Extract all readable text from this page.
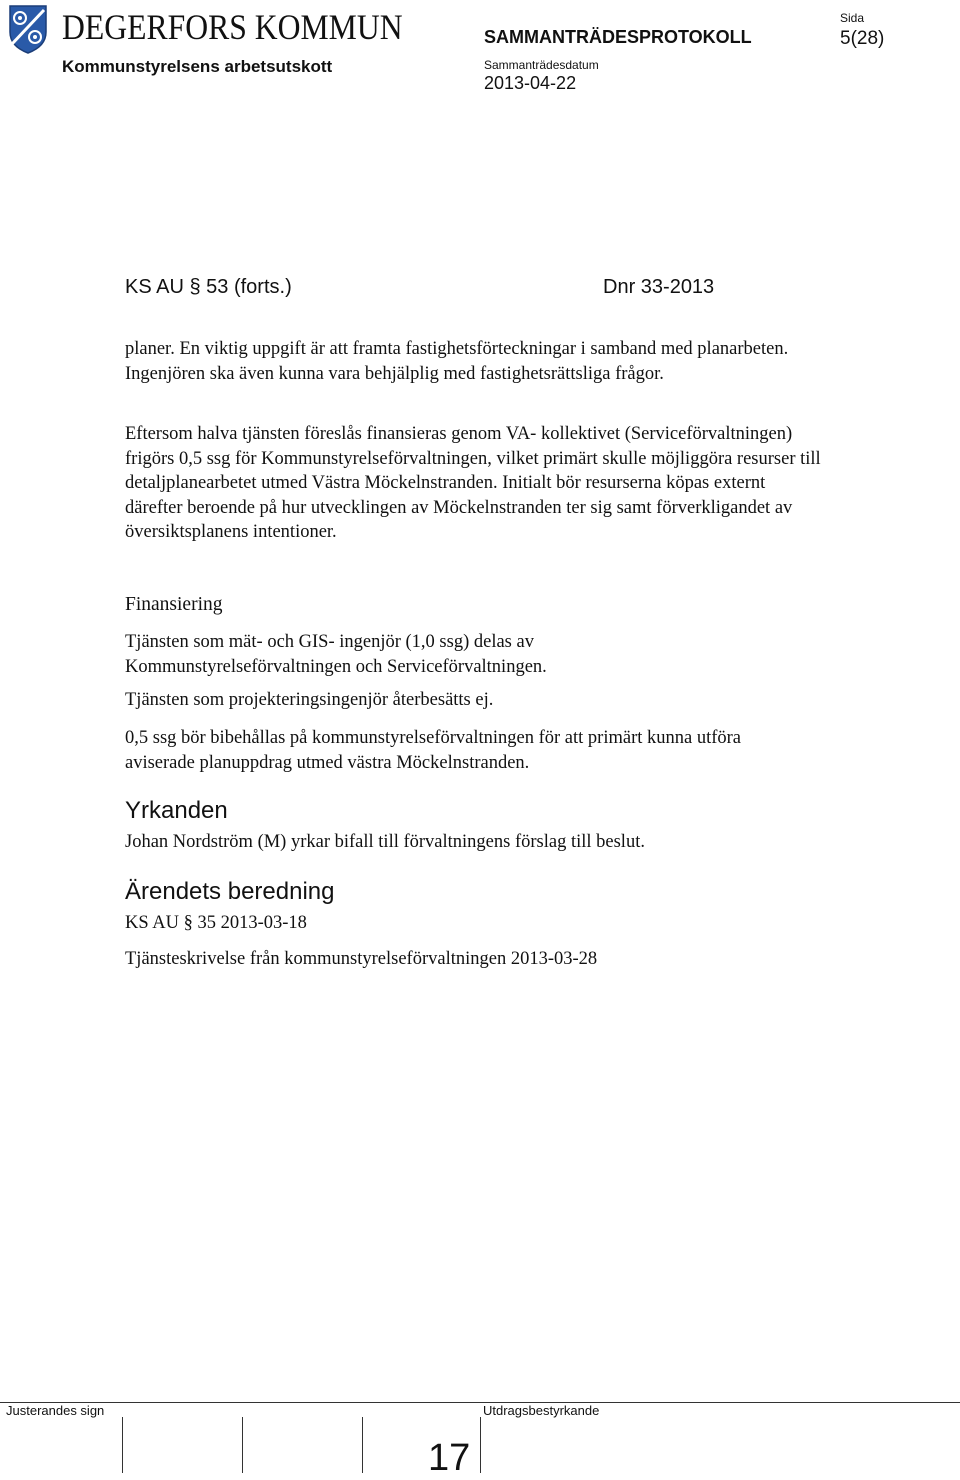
DEGERFORS KOMMUN
Kommunstyrelsens arbetsutskott
SAMMANTRÄDESPROTOKOLL
Sammanträdesdatum
2013-04-22
Sida
5(28)
KS AU § 53 (forts.)	Dnr 33-2013
planer. En viktig uppgift är att framta fastighetsförteckningar i samband med planarbeten. Ingenjören ska även kunna vara behjälplig med fastighetsrättsliga frågor.
Eftersom halva tjänsten föreslås finansieras genom VA- kollektivet (Serviceförvaltningen) frigörs 0,5 ssg för Kommunstyrelseförvaltningen, vilket primärt skulle möjliggöra resurser till detaljplanearbetet utmed Västra Möckelnstranden. Initialt bör resurserna köpas externt därefter beroende på hur utvecklingen av Möckelnstranden ter sig samt förverkligandet av översiktsplanens intentioner.
Finansiering
Tjänsten som mät- och GIS- ingenjör (1,0 ssg) delas av Kommunstyrelseförvaltningen och Serviceförvaltningen.
Tjänsten som projekteringsingenjör återbesätts ej.
0,5 ssg bör bibehållas på kommunstyrelseförvaltningen för att primärt kunna utföra aviserade planuppdrag utmed västra Möckelnstranden.
Yrkanden
Johan Nordström (M) yrkar bifall till förvaltningens förslag till beslut.
Ärendets beredning
KS AU § 35 2013-03-18
Tjänsteskrivelse från kommunstyrelseförvaltningen 2013-03-28
Justerandes sign	Utdragsbestyrkande
17
